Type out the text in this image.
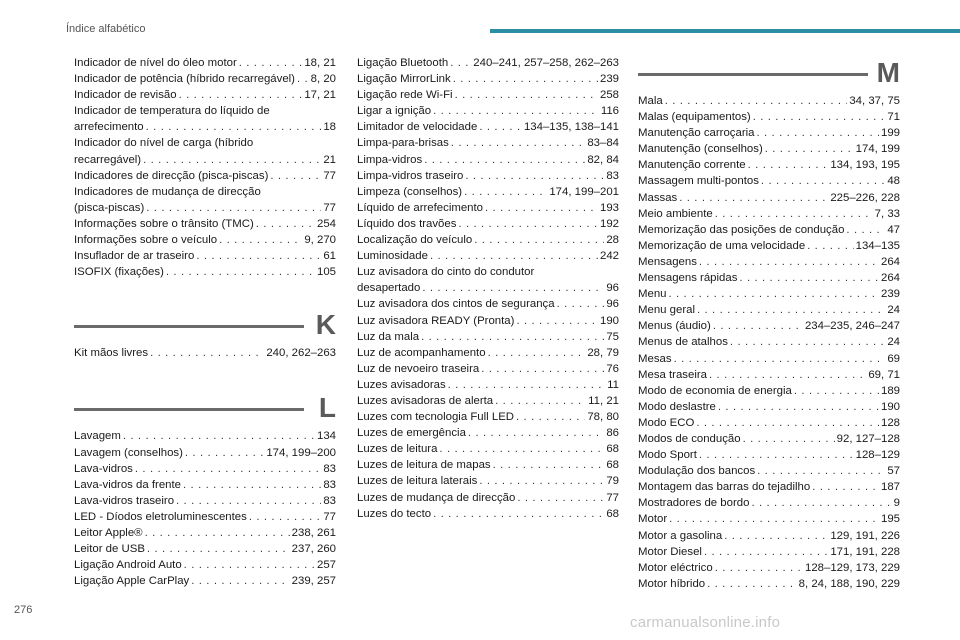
Índice alfabético
Indicador de nível do óleo motor . . .	18, 21
Indicador de potência (híbrido recarregável) . . . 8, 20
Indicador de revisão . . .	17, 21
Indicador de temperatura do líquido de
arrefecimento . . .	18
Indicador do nível de carga (híbrido
recarregável) . . .	21
Indicadores de direcção (pisca-piscas) . . .	77
Indicadores de mudança de direcção
(pisca-piscas) . . .	77
Informações sobre o trânsito (TMC) . . .	254
Informações sobre o veículo . . .	9, 270
Insuflador de ar traseiro . . .	61
ISOFIX (fixações) . . .	105
K
Kit mãos livres . . .	240, 262–263
L
Lavagem . . .	134
Lavagem (conselhos) . . .	174, 199–200
Lava-vidros . . .	83
Lava-vidros da frente . . .	83
Lava-vidros traseiro . . .	83
LED - Díodos eletroluminescentes . . .	77
Leitor Apple® . . .	238, 261
Leitor de USB . . .	237, 260
Ligação Android Auto . . .	257
Ligação Apple CarPlay . . .	239, 257
Ligação Bluetooth . . . 240–241, 257–258, 262–263
Ligação MirrorLink . . .	239
Ligação rede Wi-Fi . . .	258
Ligar a ignição . . .	116
Limitador de velocidade . . .	134–135, 138–141
Limpa-para-brisas . . .	83–84
Limpa-vidros . . .	82, 84
Limpa-vidros traseiro . . .	83
Limpeza (conselhos) . . .	174, 199–201
Líquido de arrefecimento . . .	193
Líquido dos travões . . .	192
Localização do veículo . . .	28
Luminosidade . . .	242
Luz avisadora do cinto do condutor
desapertado . . .	96
Luz avisadora dos cintos de segurança . . .	96
Luz avisadora READY (Pronta) . . .	190
Luz da mala . . .	75
Luz de acompanhamento . . .	28, 79
Luz de nevoeiro traseira . . .	76
Luzes avisadoras . . .	11
Luzes avisadoras de alerta . . .	11, 21
Luzes com tecnologia Full LED . . .	78, 80
Luzes de emergência . . .	86
Luzes de leitura . . .	68
Luzes de leitura de mapas . . .	68
Luzes de leitura laterais . . .	79
Luzes de mudança de direcção . . .	77
Luzes do tecto . . .	68
M
Mala . . .	34, 37, 75
Malas (equipamentos) . . .	71
Manutenção carroçaria . . .	199
Manutenção (conselhos) . . .	174, 199
Manutenção corrente . . .	134, 193, 195
Massagem multi-pontos . . .	48
Massas . . .	225–226, 228
Meio ambiente . . .	7, 33
Memorização das posições de condução . . .	47
Memorização de uma velocidade . . .	134–135
Mensagens . . .	264
Mensagens rápidas . . .	264
Menu . . .	239
Menu geral . . .	24
Menus (áudio) . . .	234–235, 246–247
Menus de atalhos . . .	24
Mesas . . .	69
Mesa traseira . . .	69, 71
Modo de economia de energia . . .	189
Modo deslastre . . .	190
Modo ECO . . .	128
Modos de condução . . .	92, 127–128
Modo Sport . . .	128–129
Modulação dos bancos . . .	57
Montagem das barras do tejadilho . . .	187
Mostradores de bordo . . .	9
Motor . . .	195
Motor a gasolina . . .	129, 191, 226
Motor Diesel . . .	171, 191, 228
Motor eléctrico . . .	128–129, 173, 229
Motor híbrido . . .	8, 24, 188, 190, 229
276
carmanualsonline.info
